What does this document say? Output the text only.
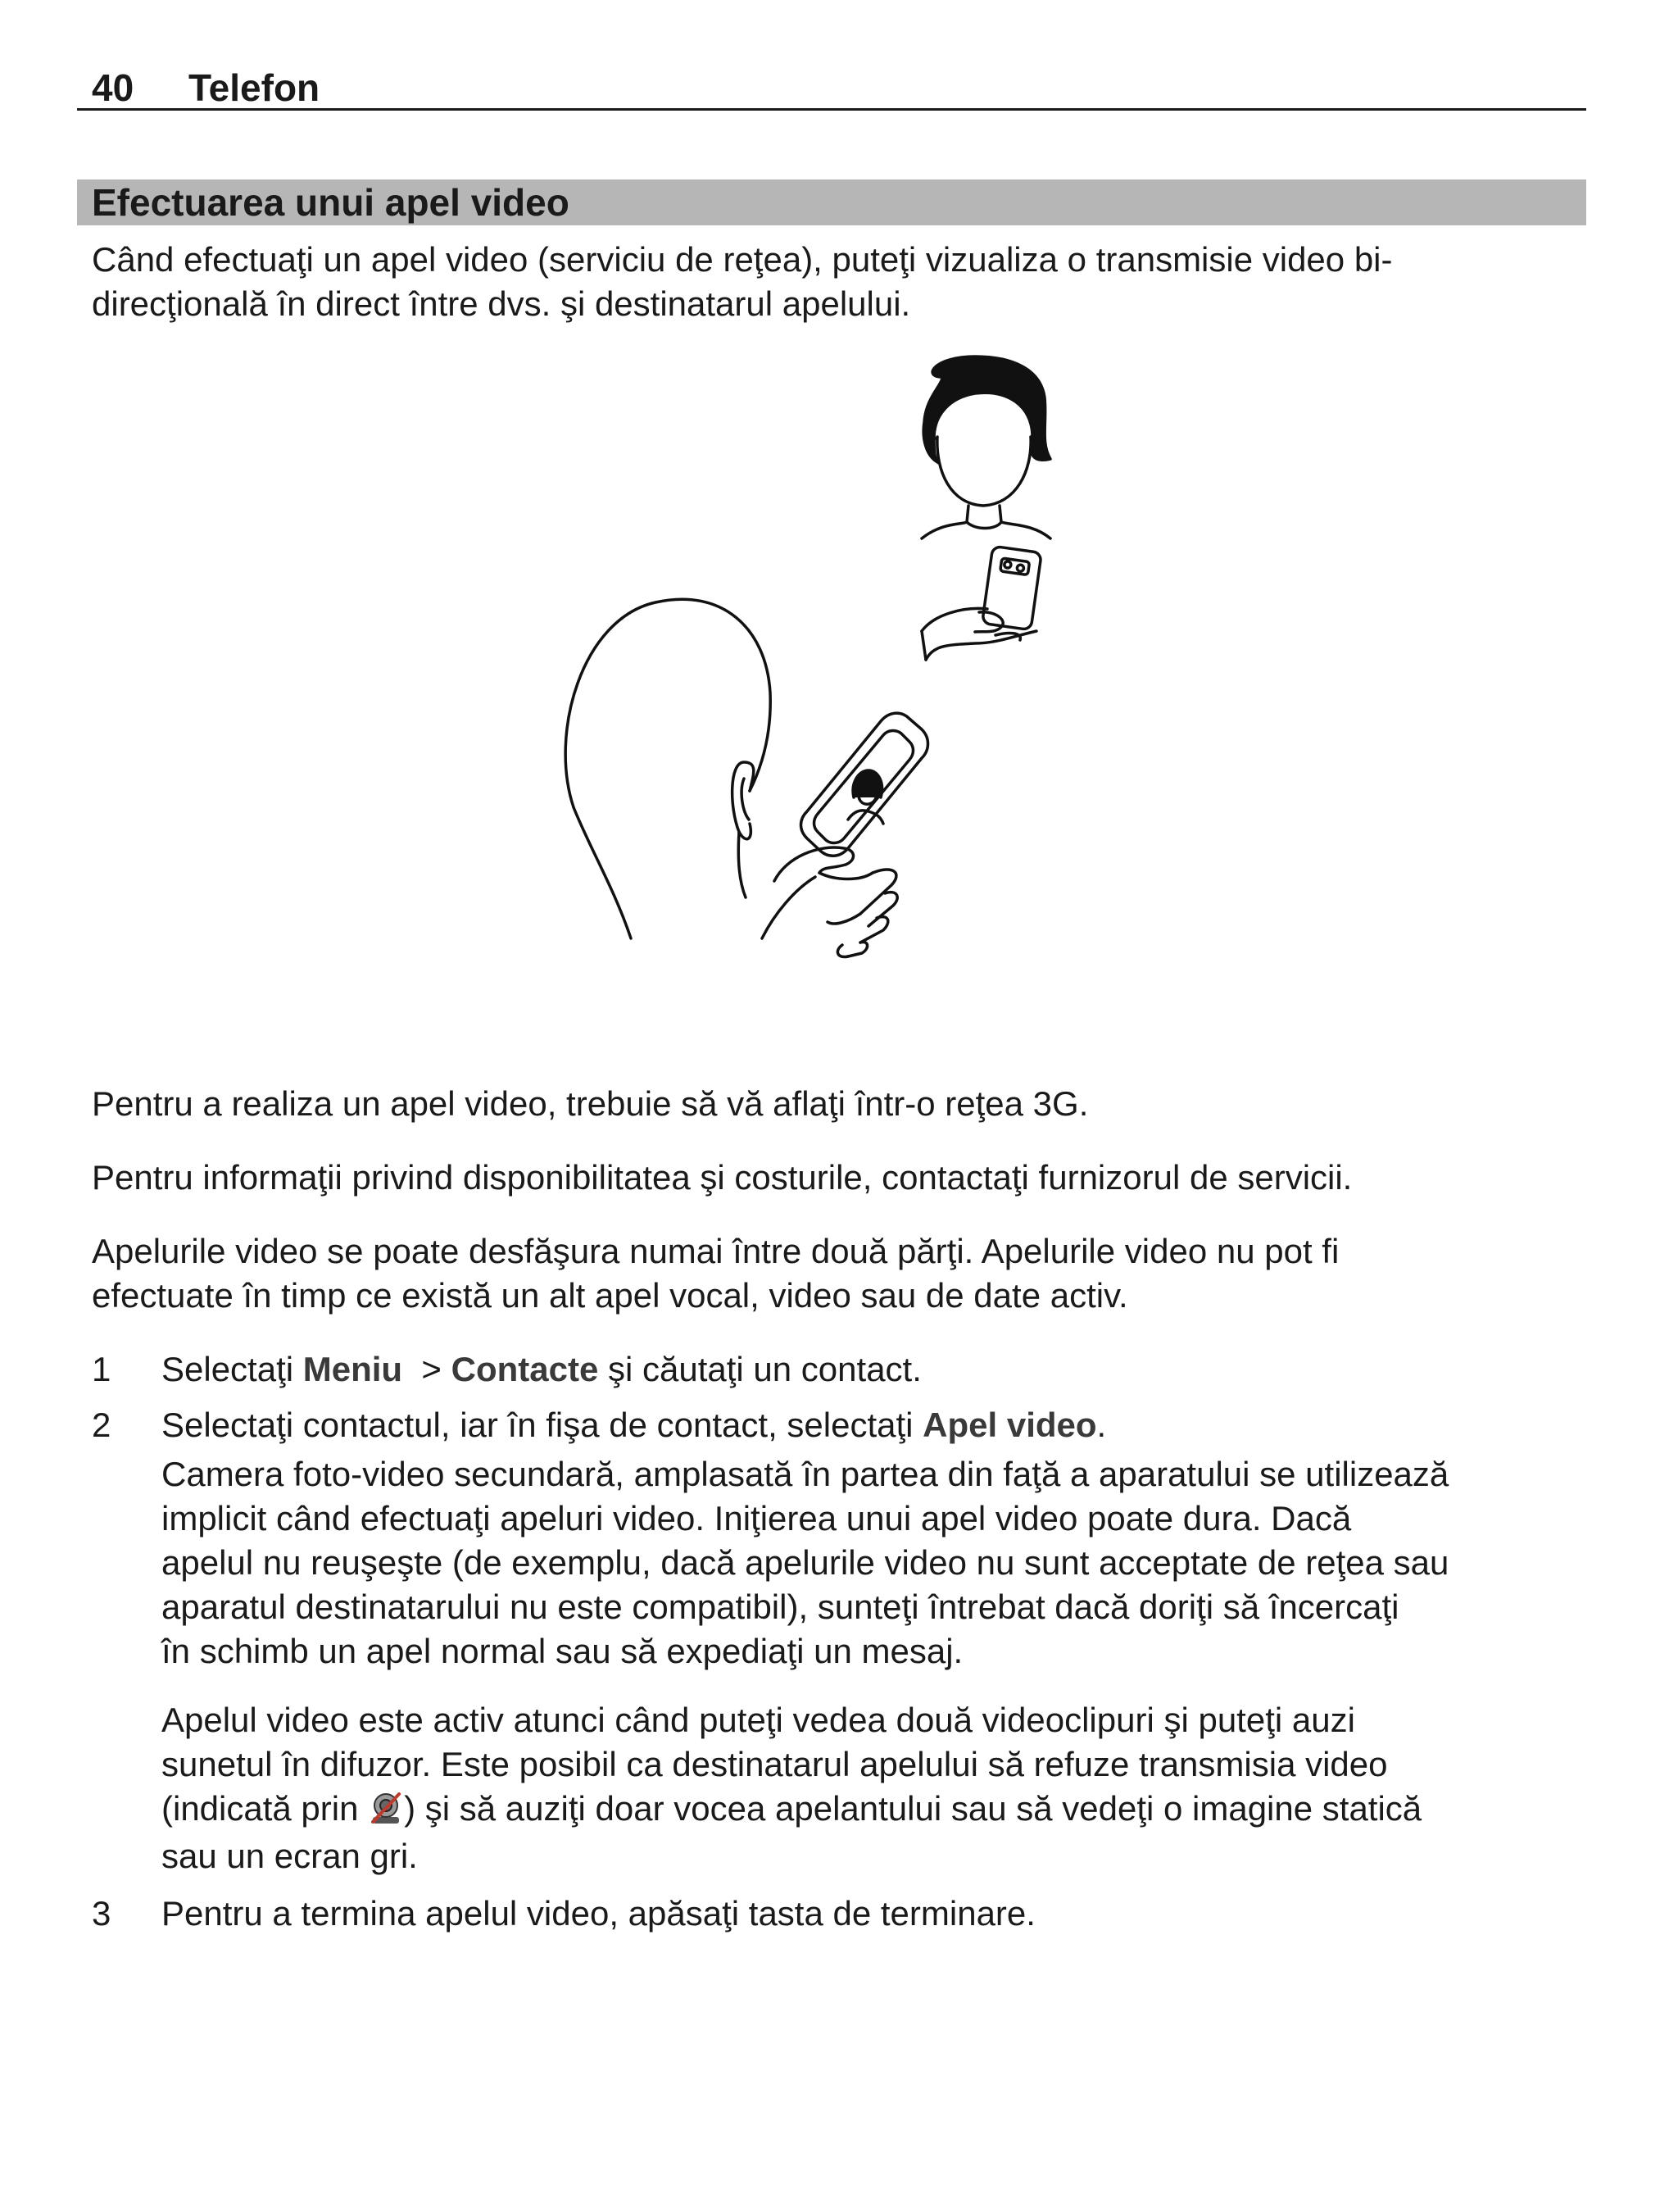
40 Telefon
Efectuarea unui apel video
Când efectuaţi un apel video (serviciu de reţea), puteţi vizualiza o transmisie video bi-
direcţională în direct între dvs. şi destinatarul apelului.
Pentru a realiza un apel video, trebuie să vă aflaţi într-o reţea 3G.
Pentru informaţii privind disponibilitatea şi costurile, contactaţi furnizorul de servicii.
Apelurile video se poate desfăşura numai între două părţi. Apelurile video nu pot fi
efectuate în timp ce există un alt apel vocal, video sau de date activ.
1 Selectaţi Meniu  > Contacte şi căutaţi un contact.
2 Selectaţi contactul, iar în fişa de contact, selectaţi Apel video.
Camera foto-video secundară, amplasată în partea din faţă a aparatului se utilizează
implicit când efectuaţi apeluri video. Iniţierea unui apel video poate dura. Dacă
apelul nu reuşeşte (de exemplu, dacă apelurile video nu sunt acceptate de reţea sau
aparatul destinatarului nu este compatibil), sunteţi întrebat dacă doriţi să încercaţi
în schimb un apel normal sau să expediaţi un mesaj.
Apelul video este activ atunci când puteţi vedea două videoclipuri şi puteţi auzi
sunetul în difuzor. Este posibil ca destinatarul apelului să refuze transmisia video
(indicată prin ) şi să auziţi doar vocea apelantului sau să vedeţi o imagine statică
sau un ecran gri.
3 Pentru a termina apelul video, apăsaţi tasta de terminare.
